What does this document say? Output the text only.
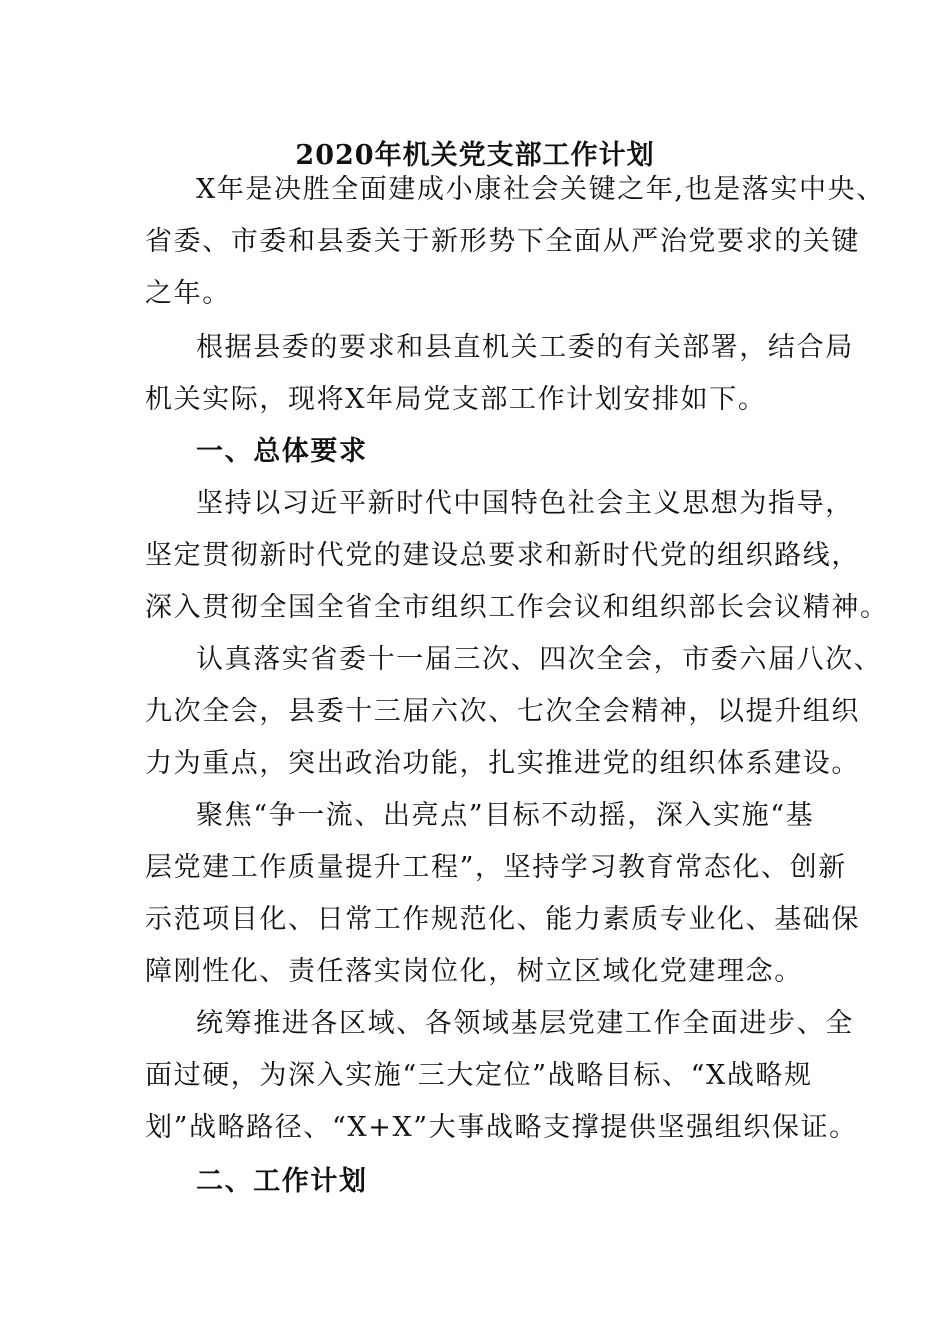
2020年机关党支部工作计划
X年是决胜全面建成小康社会关键之年,也是落实中央、
省委、市委和县委关于新形势下全面从严治党要求的关键
之年。
根据县委的要求和县直机关工委的有关部署，结合局
机关实际，现将X年局党支部工作计划安排如下。
一、总体要求
坚持以习近平新时代中国特色社会主义思想为指导，
坚定贯彻新时代党的建设总要求和新时代党的组织路线，
深入贯彻全国全省全市组织工作会议和组织部长会议精神。
认真落实省委十一届三次、四次全会，市委六届八次、
九次全会，县委十三届六次、七次全会精神，以提升组织
力为重点，突出政治功能，扎实推进党的组织体系建设。
聚焦“争一流、出亮点”目标不动摇，深入实施“基
层党建工作质量提升工程”，坚持学习教育常态化、创新
示范项目化、日常工作规范化、能力素质专业化、基础保
障刚性化、责任落实岗位化，树立区域化党建理念。
统筹推进各区域、各领域基层党建工作全面进步、全
面过硬，为深入实施“三大定位”战略目标、“X战略规
划”战略路径、“X+X”大事战略支撑提供坚强组织保证。
二、工作计划
